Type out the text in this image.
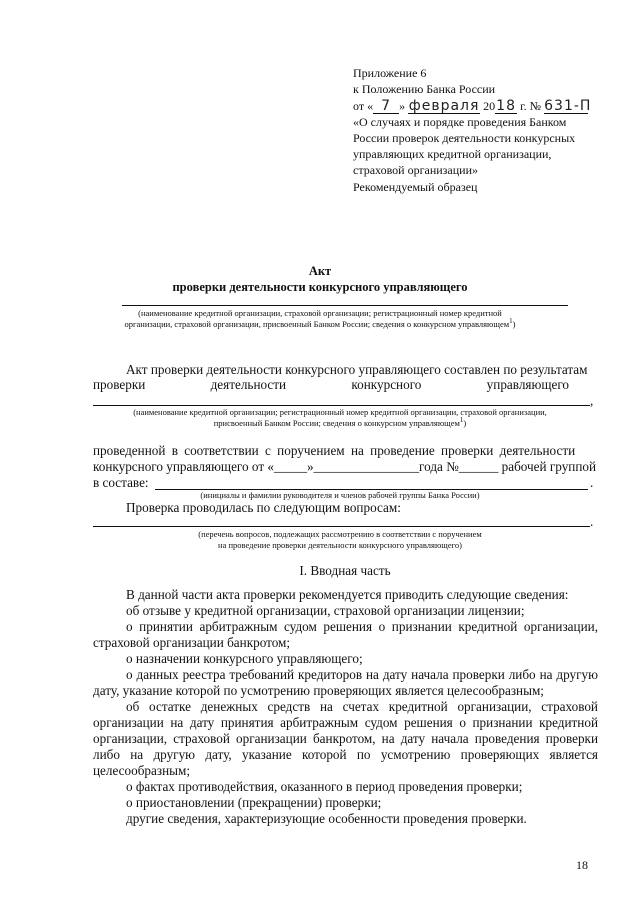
Приложение 6
к Положению Банка России
от « 7 » февраля 2018 г. № 631-П
«О случаях и порядке проведения Банком
России проверок деятельности конкурсных
управляющих кредитной организации,
страховой организации»
Рекомендуемый образец
Акт
проверки деятельности конкурсного управляющего
(наименование кредитной организации, страховой организации; регистрационный номер кредитной
организации, страховой организации, присвоенный Банком России; сведения о конкурсном управляющем$^1$)
Акт проверки деятельности конкурсного управляющего составлен по результатам
проверки деятельности конкурсного управляющего
,
(наименование кредитной организации; регистрационный номер кредитной организации, страховой организации,
присвоенный Банком России; сведения о конкурсном управляющем$^1$)
проведенной в соответствии с поручением на проведение проверки деятельности
конкурсного управляющего от «_____»________________года №______ рабочей группой
в составе:	.
(инициалы и фамилии руководителя и членов рабочей группы Банка России)
Проверка проводилась по следующим вопросам:
.
(перечень вопросов, подлежащих рассмотрению в соответствии с поручением
на проведение проверки деятельности конкурсного управляющего)
I. Вводная часть
В данной части акта проверки рекомендуется приводить следующие сведения:
об отзыве у кредитной организации, страховой организации лицензии;
о принятии арбитражным судом решения о признании кредитной организации,
страховой организации банкротом;
о назначении конкурсного управляющего;
о данных реестра требований кредиторов на дату начала проверки либо на другую
дату, указание которой по усмотрению проверяющих является целесообразным;
об остатке денежных средств на счетах кредитной организации, страховой
организации на дату принятия арбитражным судом решения о признании кредитной
организации, страховой организации банкротом, на дату начала проведения проверки
либо на другую дату, указание которой по усмотрению проверяющих является
целесообразным;
о фактах противодействия, оказанного в период проведения проверки;
о приостановлении (прекращении) проверки;
другие сведения, характеризующие особенности проведения проверки.
18
